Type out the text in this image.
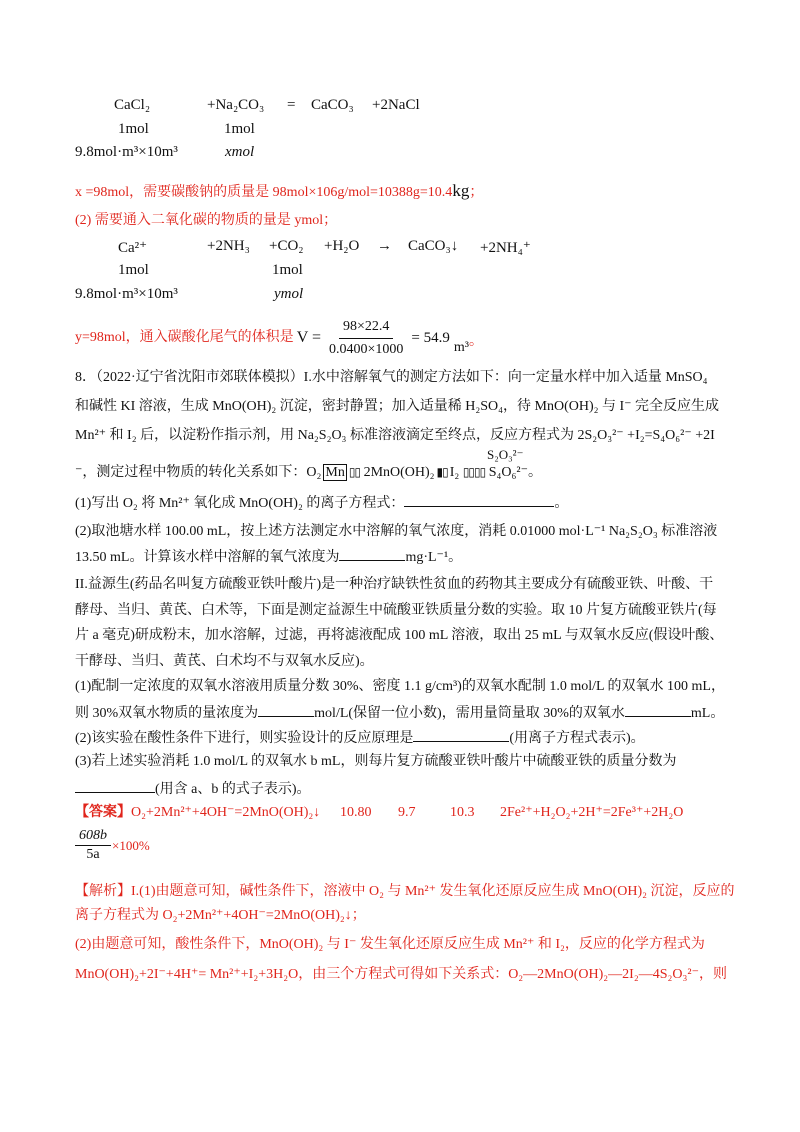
CaCl₂	+Na₂CO₃ = CaCO₃ +2NaCl
1mol	1mol
9.8mol·m³×10m³	xmol
x =98mol，需要碳酸钠的质量是 98mol×106g/mol=10388g=10.4kg；
(2) 需要通入二氧化碳的物质的量是 ymol；
Ca²⁺	+2NH₃ +CO₂ +H₂O → CaCO₃↓ +2NH₄⁺
1mol	1mol
9.8mol·m³×10m³	ymol
y=98mol，通入碳酸化尾气的体积是 $V = \frac{98\times 22.4}{0.0400\times 1000} = 54.9$
m³ 。
8．（2022·辽宁省沈阳市郊联体模拟）I.水中溶解氧气的测定方法如下：向一定量水样中加入适量 MnSO₄
和碱性 KI 溶液，生成 MnO(OH)₂ 沉淀，密封静置；加入适量稀 H₂SO₄，待 MnO(OH)₂ 与 I⁻ 完全反应生成
Mn²⁺ 和 I₂ 后，以淀粉作指示剂，用 Na₂S₂O₃ 标准溶液滴定至终点，反应方程式为 2S₂O₃²⁻ +I₂=S₄O₆²⁻ +2I
⁻，测定过程中物质的转化关系如下：O₂ Mn ▯▯ 2MnO(OH)₂ ▮▯ I₂ ▯▯▯▯ S₄O₆²⁻。
S₂O₃²⁻
(1)写出 O₂ 将 Mn²⁺ 氧化成 MnO(OH)₂ 的离子方程式：	。
(2)取池塘水样 100.00 mL，按上述方法测定水中溶解的氧气浓度，消耗 0.01000 mol·L⁻¹ Na₂S₂O₃ 标准溶液
13.50 mL。计算该水样中溶解的氧气浓度为	mg·L⁻¹。
II.益源生(药品名叫复方硫酸亚铁叶酸片)是一种治疗缺铁性贫血的药物其主要成分有硫酸亚铁、叶酸、干
酵母、当归、黄芪、白术等，下面是测定益源生中硫酸亚铁质量分数的实验。取 10 片复方硫酸亚铁片(每
片 a 毫克)研成粉末，加水溶解，过滤，再将滤液配成 100 mL 溶液，取出 25 mL 与双氧水反应(假设叶酸、
干酵母、当归、黄芪、白术均不与双氧水反应)。
(1)配制一定浓度的双氧水溶液用质量分数 30%、密度 1.1 g/cm³)的双氧水配制 1.0 mol/L 的双氧水 100 mL，
则 30%双氧水物质的量浓度为	mol/L(保留一位小数)，需用量筒量取 30%的双氧水	mL。
(2)该实验在酸性条件下进行，则实验设计的反应原理是	(用离子方程式表示)。
(3)若上述实验消耗 1.0 mol/L 的双氧水 b mL，则每片复方硫酸亚铁叶酸片中硫酸亚铁的质量分数为
(用含 a、b 的式子表示)。
【答案】 O₂+2Mn²⁺+4OH⁻=2MnO(OH)₂↓ 10.80 9.7 10.3 2Fe²⁺+H₂O₂+2H⁺=2Fe³⁺+2H₂O
$\frac{608b}{5a} \times 100\%$
【解析】I.(1)由题意可知，碱性条件下，溶液中 O₂ 与 Mn²⁺ 发生氧化还原反应生成 MnO(OH)₂ 沉淀，反应的
离子方程式为 O₂+2Mn²⁺+4OH⁻=2MnO(OH)₂↓；
(2)由题意可知，酸性条件下，MnO(OH)₂ 与 I⁻ 发生氧化还原反应生成 Mn²⁺ 和 I₂，反应的化学方程式为
MnO(OH)₂+2I⁻+4H⁺= Mn²⁺+I₂+3H₂O，由三个方程式可得如下关系式：O₂—2MnO(OH)₂—2I₂—4S₂O₃²⁻，则
